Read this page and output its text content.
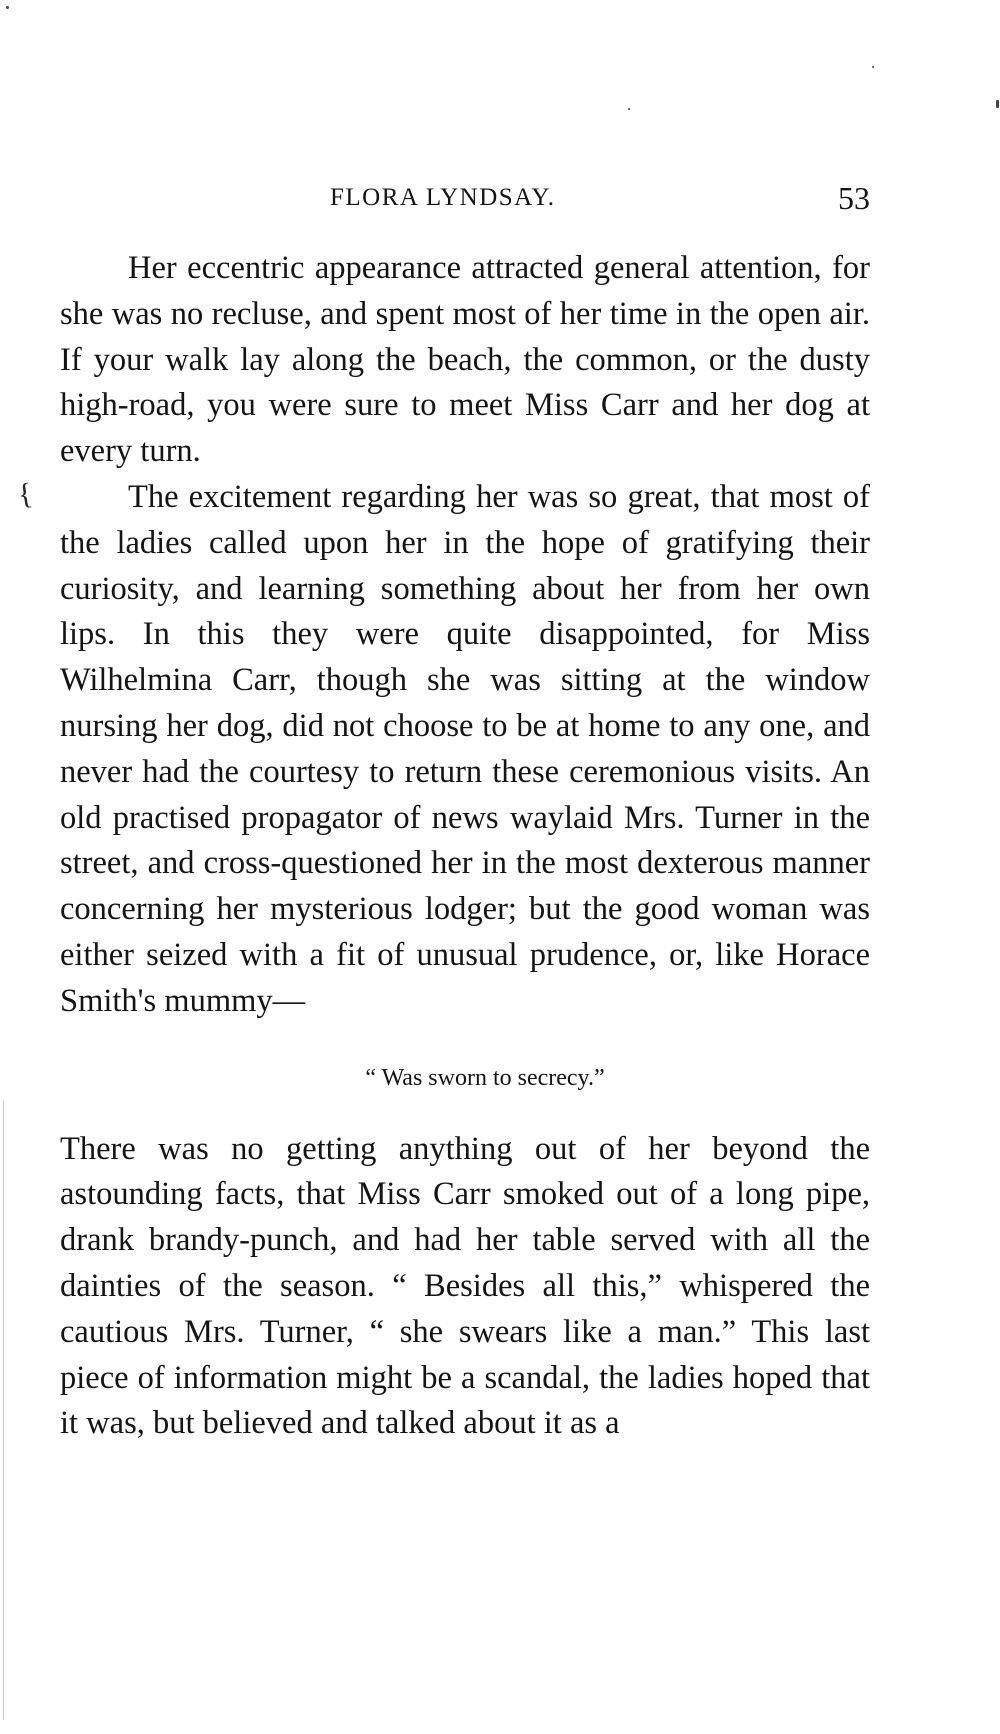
{
FLORA LYNDSAY.	53

Her eccentric appearance attracted general attention, for she was no recluse, and spent most of her time in the open air. If your walk lay along the beach, the common, or the dusty high-road, you were sure to meet Miss Carr and her dog at every turn.

The excitement regarding her was so great, that most of the ladies called upon her in the hope of gratifying their curiosity, and learning something about her from her own lips. In this they were quite disappointed, for Miss Wilhelmina Carr, though she was sitting at the window nursing her dog, did not choose to be at home to any one, and never had the courtesy to return these ceremonious visits. An old practised propagator of news waylaid Mrs. Turner in the street, and cross-questioned her in the most dexterous manner concerning her mysterious lodger; but the good woman was either seized with a fit of unusual prudence, or, like Horace Smith's mummy—

“ Was sworn to secrecy.”

There was no getting anything out of her beyond the astounding facts, that Miss Carr smoked out of a long pipe, drank brandy-punch, and had her table served with all the dainties of the season. “ Besides all this,” whispered the cautious Mrs. Turner, “ she swears like a man.” This last piece of information might be a scandal, the ladies hoped that it was, but believed and talked about it as a
